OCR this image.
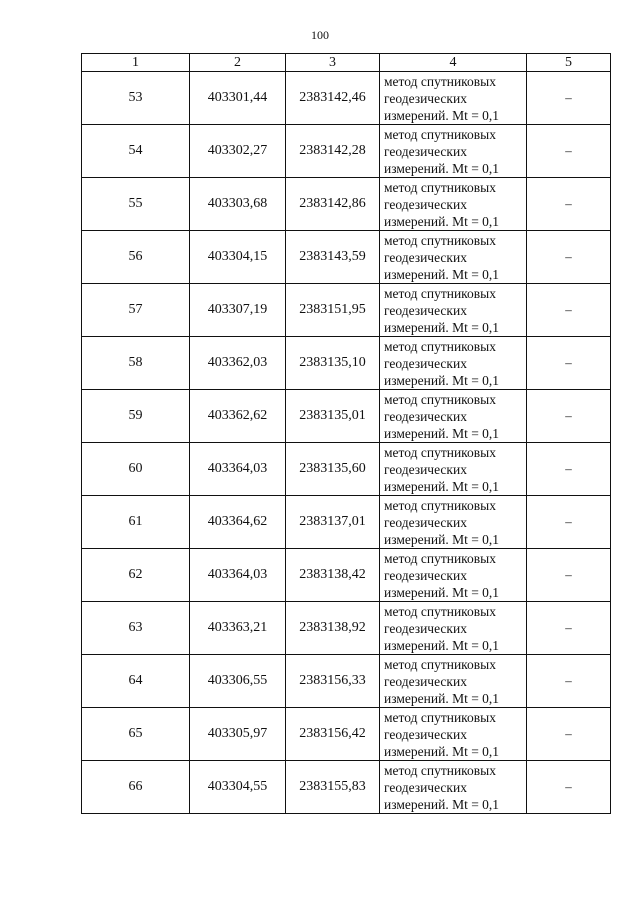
100
1	2	3	4	5
53	403301,44	2383142,46	метод спутниковых
геодезических
измерений. Mt = 0,1	–
54	403302,27	2383142,28	метод спутниковых
геодезических
измерений. Mt = 0,1	–
55	403303,68	2383142,86	метод спутниковых
геодезических
измерений. Mt = 0,1	–
56	403304,15	2383143,59	метод спутниковых
геодезических
измерений. Mt = 0,1	–
57	403307,19	2383151,95	метод спутниковых
геодезических
измерений. Mt = 0,1	–
58	403362,03	2383135,10	метод спутниковых
геодезических
измерений. Mt = 0,1	–
59	403362,62	2383135,01	метод спутниковых
геодезических
измерений. Mt = 0,1	–
60	403364,03	2383135,60	метод спутниковых
геодезических
измерений. Mt = 0,1	–
61	403364,62	2383137,01	метод спутниковых
геодезических
измерений. Mt = 0,1	–
62	403364,03	2383138,42	метод спутниковых
геодезических
измерений. Mt = 0,1	–
63	403363,21	2383138,92	метод спутниковых
геодезических
измерений. Mt = 0,1	–
64	403306,55	2383156,33	метод спутниковых
геодезических
измерений. Mt = 0,1	–
65	403305,97	2383156,42	метод спутниковых
геодезических
измерений. Mt = 0,1	–
66	403304,55	2383155,83	метод спутниковых
геодезических
измерений. Mt = 0,1	–
